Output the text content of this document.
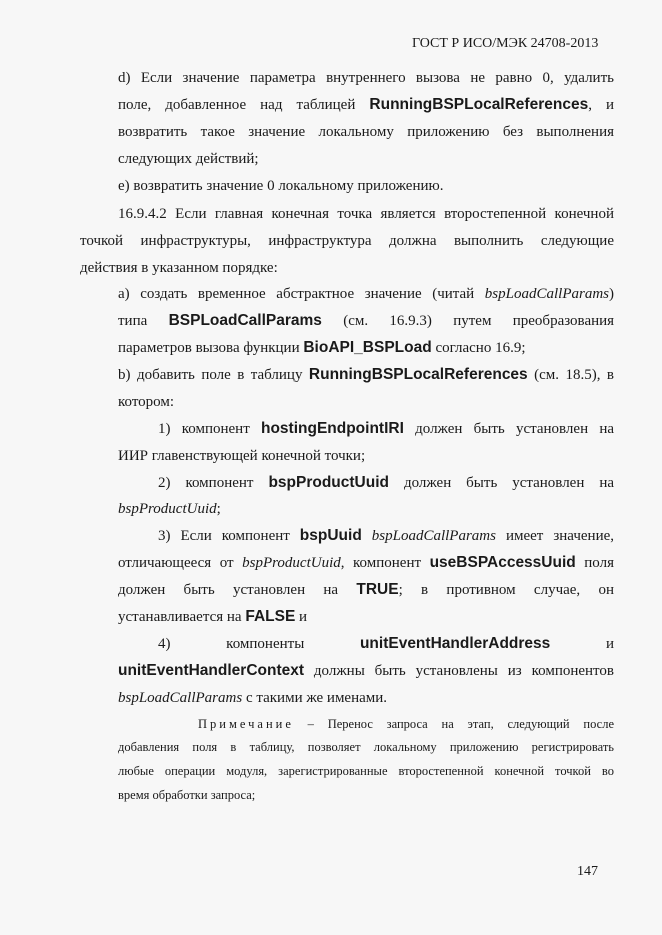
ГОСТ Р ИСО/МЭК 24708-2013
d) Если значение параметра внутреннего вызова не равно 0, удалить
поле, добавленное над таблицей RunningBSPLocalReferences, и
возвратить такое значение локальному приложению без выполнения
следующих действий;
е) возвратить значение 0 локальному приложению.
16.9.4.2 Если главная конечная точка является второстепенной конечной
точкой инфраструктуры, инфраструктура должна выполнить следующие
действия в указанном порядке:
а) создать временное абстрактное значение (читай bspLoadCallParams)
типа BSPLoadCallParams (см. 16.9.3) путем преобразования
параметров вызова функции BioAPI_BSPLoad согласно 16.9;
b) добавить поле в таблицу RunningBSPLocalReferences (см. 18.5), в
котором:
1) компонент hostingEndpointIRI должен быть установлен на
ИИР главенствующей конечной точки;
2) компонент bspProductUuid должен быть установлен на
bspProductUuid;
3) Если компонент bspUuid bspLoadCallParams имеет значение,
отличающееся от bspProductUuid, компонент useBSPAccessUuid поля
должен быть установлен на TRUE; в противном случае, он
устанавливается на FALSE и
4) компоненты	unitEventHandlerAddress	и
unitEventHandlerContext должны быть установлены из компонентов
bspLoadCallParams с такими же именами.
Примечание – Перенос запроса на этап, следующий после
добавления поля в таблицу, позволяет локальному приложению регистрировать
любые операции модуля, зарегистрированные второстепенной конечной точкой во
время обработки запроса;
147
